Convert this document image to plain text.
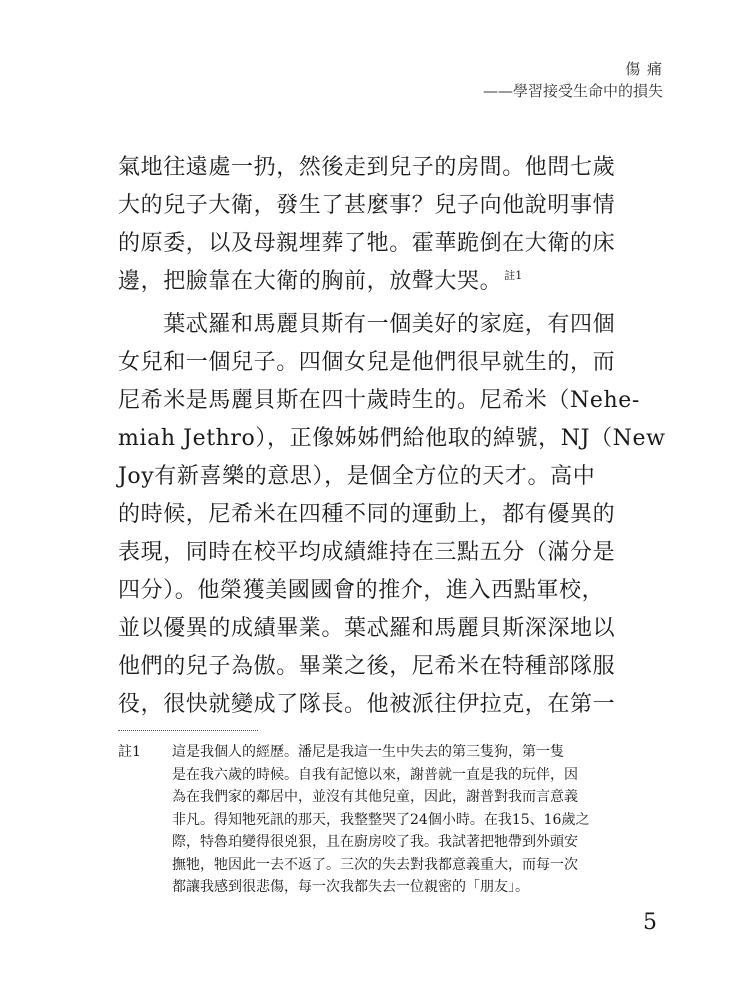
傷 痛
——學習接受生命中的損失
氣地往遠處一扔，然後走到兒子的房間。他問七歲
大的兒子大衛，發生了甚麼事？兒子向他說明事情
的原委，以及母親埋葬了牠。霍華跪倒在大衛的床
邊，把臉靠在大衛的胸前，放聲大哭。 $^{註1}$
　　葉忒羅和馬麗貝斯有一個美好的家庭，有四個
女兒和一個兒子。四個女兒是他們很早就生的，而
尼希米是馬麗貝斯在四十歲時生的。尼希米（Nehe-
miah Jethro），正像姊姊們給他取的綽號，NJ（New
Joy有新喜樂的意思），是個全方位的天才。高中
的時候，尼希米在四種不同的運動上，都有優異的
表現，同時在校平均成績維持在三點五分（滿分是
四分）。他榮獲美國國會的推介，進入西點軍校，
並以優異的成績畢業。葉忒羅和馬麗貝斯深深地以
他們的兒子為傲。畢業之後，尼希米在特種部隊服
役，很快就變成了隊長。他被派往伊拉克，在第一
註1 這是我個人的經歷。潘尼是我這一生中失去的第三隻狗，第一隻
是在我六歲的時候。自我有記憶以來，謝普就一直是我的玩伴，因
為在我們家的鄰居中，並沒有其他兒童，因此，謝普對我而言意義
非凡。得知牠死訊的那天，我整整哭了24個小時。在我15、16歲之
際，特魯珀變得很兇狠，且在廚房咬了我。我試著把牠帶到外頭安
撫牠，牠因此一去不返了。三次的失去對我都意義重大，而每一次
都讓我感到很悲傷，每一次我都失去一位親密的「朋友」。
5
